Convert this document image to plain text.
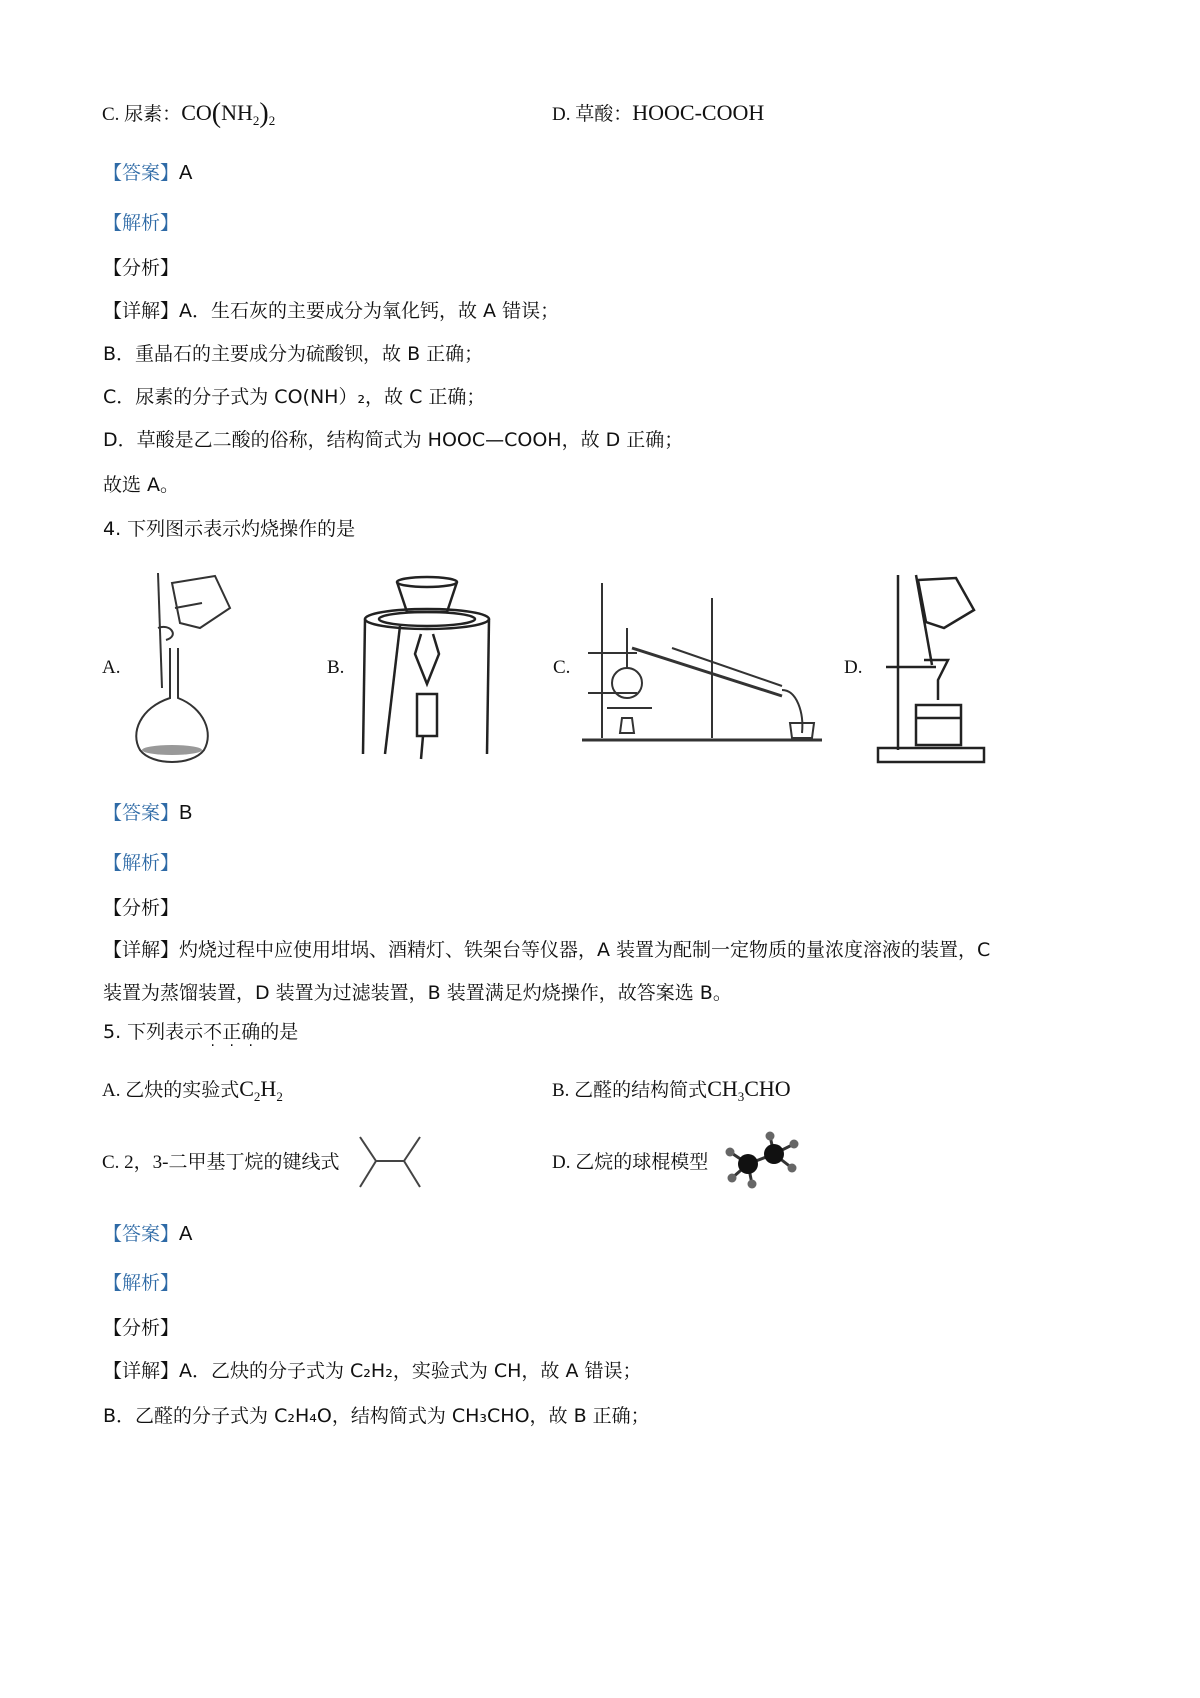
C. 尿素：$CO(NH_2)_2$	D. 草酸：HOOC-COOH
【答案】A
【解析】
【分析】
【详解】A．生石灰的主要成分为氧化钙，故 A 错误；
B．重晶石的主要成分为硫酸钡，故 B 正确；
C．尿素的分子式为 CO(NH）₂，故 C 正确；
D．草酸是乙二酸的俗称，结构简式为 HOOC—COOH，故 D 正确；
故选 A。
4. 下列图示表示灼烧操作的是
A.	B.	C.	D.
【答案】B
【解析】
【分析】
【详解】灼烧过程中应使用坩埚、酒精灯、铁架台等仪器，A 装置为配制一定物质的量浓度溶液的装置，C
装置为蒸馏装置，D 装置为过滤装置，B 装置满足灼烧操作，故答案选 B。
5. 下列表示不正确的是
A. 乙炔的实验式$C_2H_2$	B. 乙醛的结构简式$CH_3CHO$
C. 2，3-二甲基丁烷的键线式	D. 乙烷的球棍模型
【答案】A
【解析】
【分析】
【详解】A．乙炔的分子式为 C₂H₂，实验式为 CH，故 A 错误；
B．乙醛的分子式为 C₂H₄O，结构简式为 CH₃CHO，故 B 正确；
